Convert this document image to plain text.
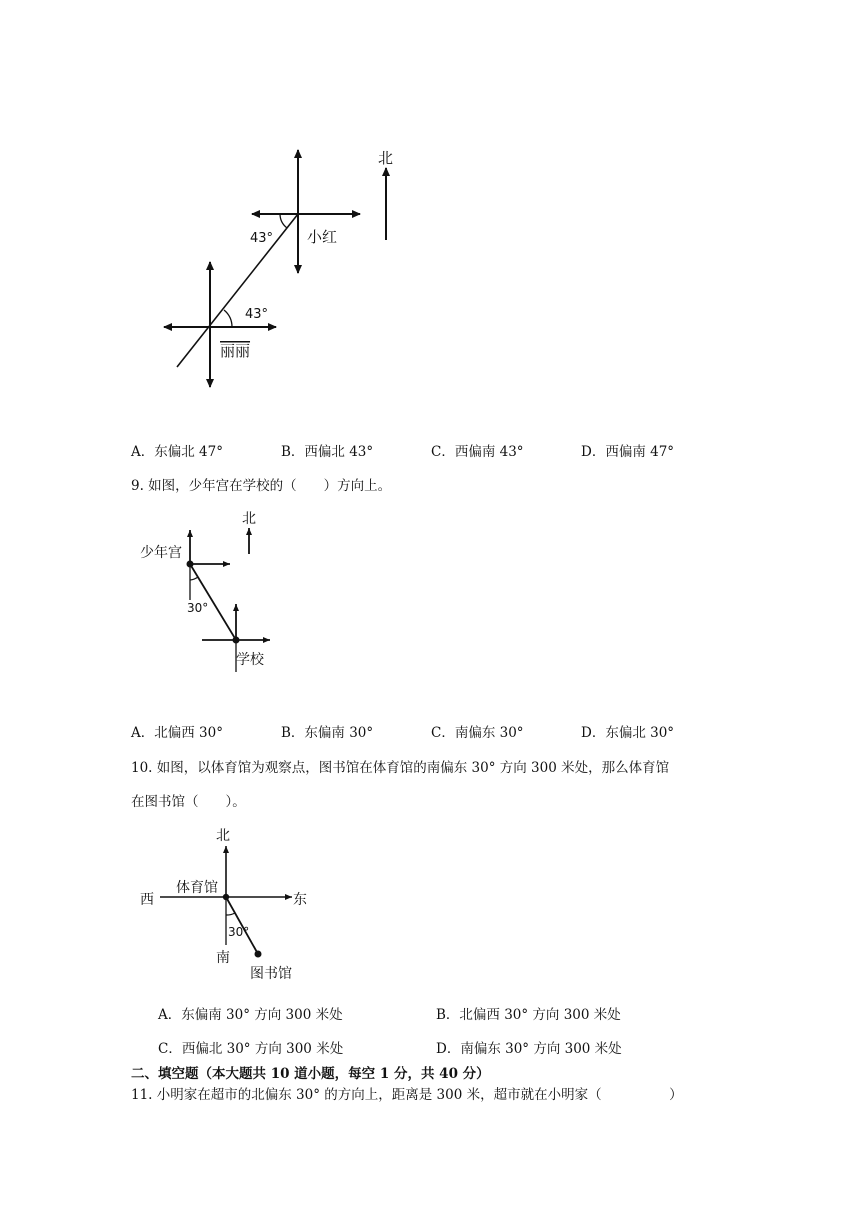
北
43°
43°
小红
丽丽
北
少年宫
30°
学校
北
西	东
体育馆
30°
南
图书馆
A．东偏北 47°	B．西偏北 43°	C．西偏南 43°	D．西偏南 47°
9. 如图，少年宫在学校的（　　）方向上。
A．北偏西 30°	B．东偏南 30°	C．南偏东 30°	D．东偏北 30°
10. 如图，以体育馆为观察点，图书馆在体育馆的南偏东 30° 方向 300 米处，那么体育馆
在图书馆（　　）。
A．东偏南 30° 方向 300 米处	B．北偏西 30° 方向 300 米处
C．西偏北 30° 方向 300 米处	D．南偏东 30° 方向 300 米处
二、填空题（本大题共 10 道小题，每空 1 分，共 40 分）
11. 小明家在超市的北偏东 30° 的方向上，距离是 300 米，超市就在小明家（　　　　　）
